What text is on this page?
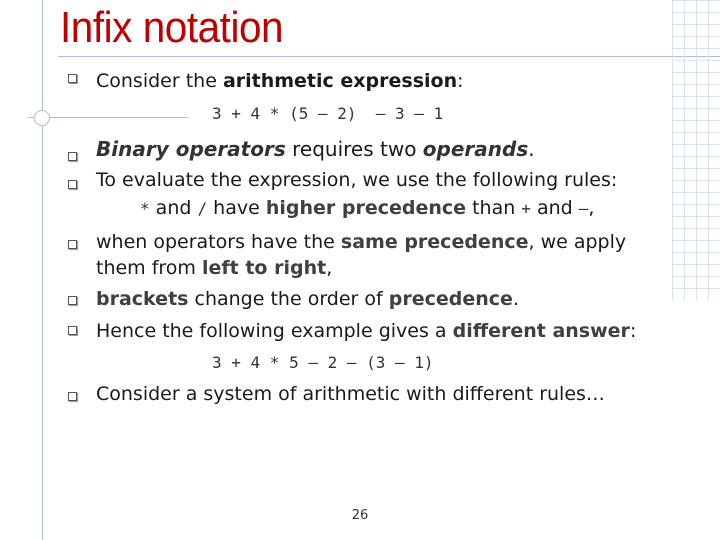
Infix notation
Consider the arithmetic expression:
3 + 4 * (5 – 2)  – 3 – 1
Binary operators requires two operands.
To evaluate the expression, we use the following rules:
* and / have higher precedence than + and –,
when operators have the same precedence, we apply
them from left to right,
brackets change the order of precedence.
Hence the following example gives a different answer:
3 + 4 * 5 – 2 – (3 – 1)
Consider a system of arithmetic with different rules…
26
